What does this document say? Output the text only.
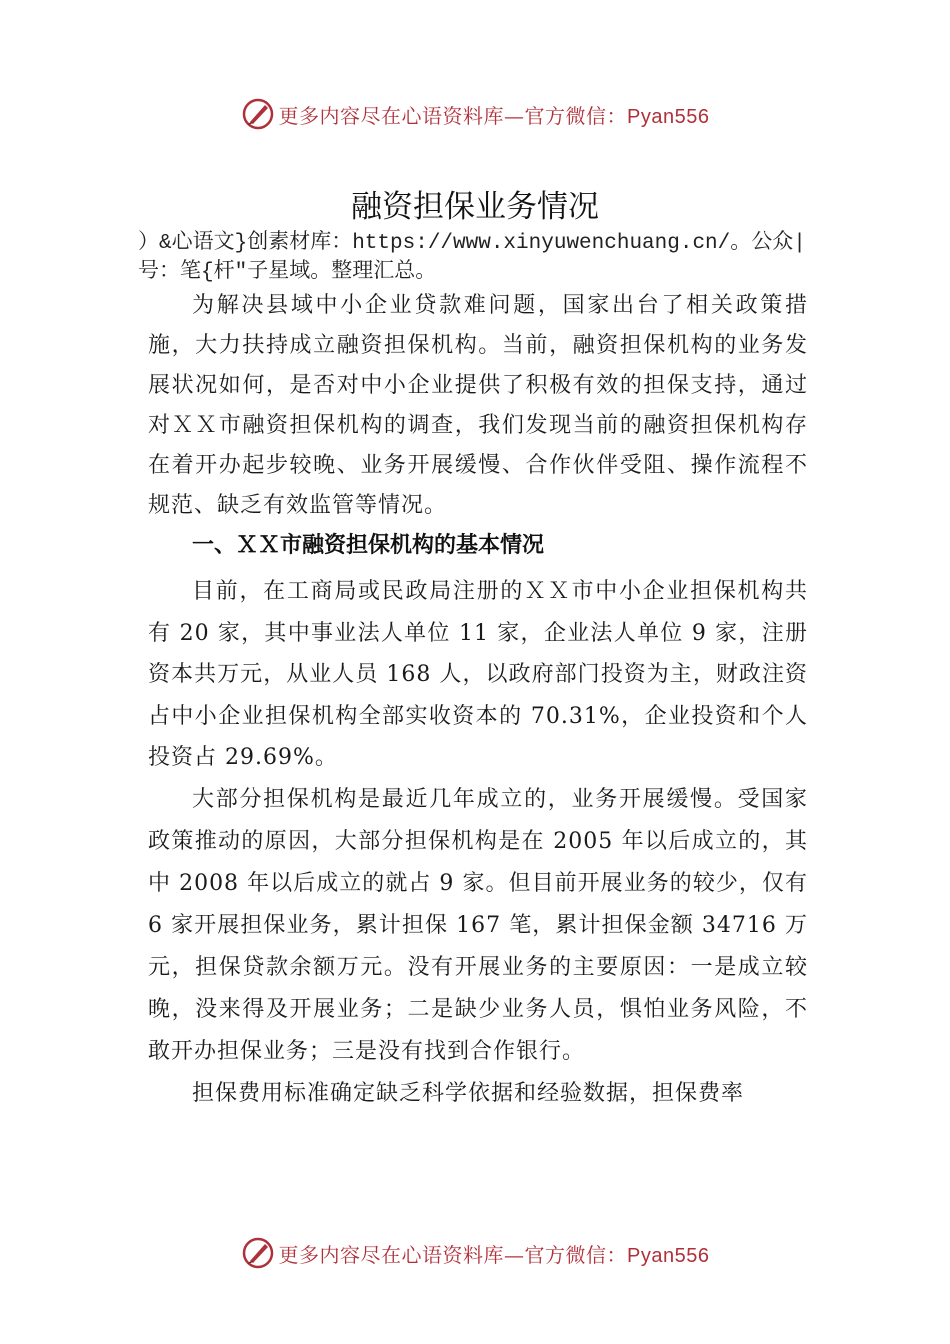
更多内容尽在心语资料库—官方微信：Pyan556
融资担保业务情况

）&心语文}创素材库：https://www.xinyuwenchuang.cn/。公众|号：笔{杆"子星域。整理汇总。

为解决县域中小企业贷款难问题，国家出台了相关政策措施，大力扶持成立融资担保机构。当前，融资担保机构的业务发展状况如何，是否对中小企业提供了积极有效的担保支持，通过对ＸＸ市融资担保机构的调查，我们发现当前的融资担保机构存在着开办起步较晚、业务开展缓慢、合作伙伴受阻、操作流程不规范、缺乏有效监管等情况。

一、ＸＸ市融资担保机构的基本情况

目前，在工商局或民政局注册的ＸＸ市中小企业担保机构共有 20 家，其中事业法人单位 11 家，企业法人单位 9 家，注册资本共万元，从业人员 168 人，以政府部门投资为主，财政注资占中小企业担保机构全部实收资本的 70.31%，企业投资和个人投资占 29.69%。

大部分担保机构是最近几年成立的，业务开展缓慢。受国家政策推动的原因，大部分担保机构是在 2005 年以后成立的，其中 2008 年以后成立的就占 9 家。但目前开展业务的较少，仅有 6 家开展担保业务，累计担保 167 笔，累计担保金额 34716 万元，担保贷款余额万元。没有开展业务的主要原因：一是成立较晚，没来得及开展业务；二是缺少业务人员，惧怕业务风险，不敢开办担保业务；三是没有找到合作银行。

担保费用标准确定缺乏科学依据和经验数据，担保费率

更多内容尽在心语资料库—官方微信：Pyan556
